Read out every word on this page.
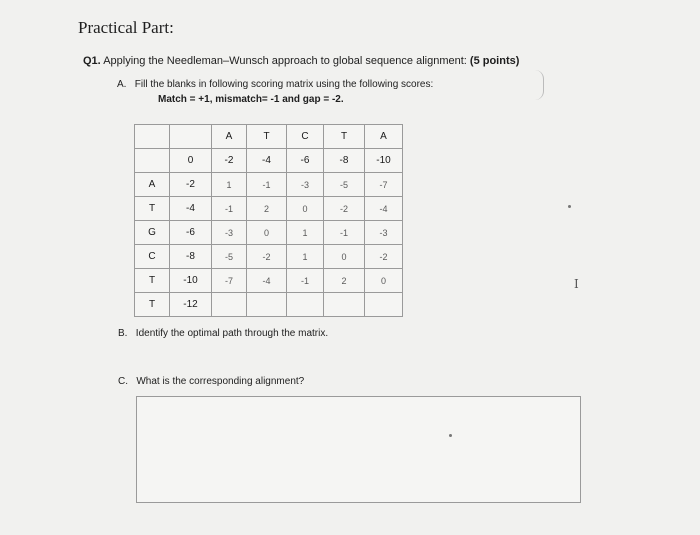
Practical Part:
Q1. Applying the Needleman–Wunsch approach to global sequence alignment: (5 points)
A. Fill the blanks in following scoring matrix using the following scores:
Match = +1, mismatch= -1 and gap = -2.
		A	T	C	T	A
	0	-2	-4	-6	-8	-10
A	-2	1	-1	-3	-5	-7
T	-4	-1	2	0	-2	-4
G	-6	-3	0	1	-1	-3
C	-8	-5	-2	1	0	-2
T	-10	-7	-4	-1	2	0
T	-12					
B. Identify the optimal path through the matrix.
C. What is the corresponding alignment?
I
